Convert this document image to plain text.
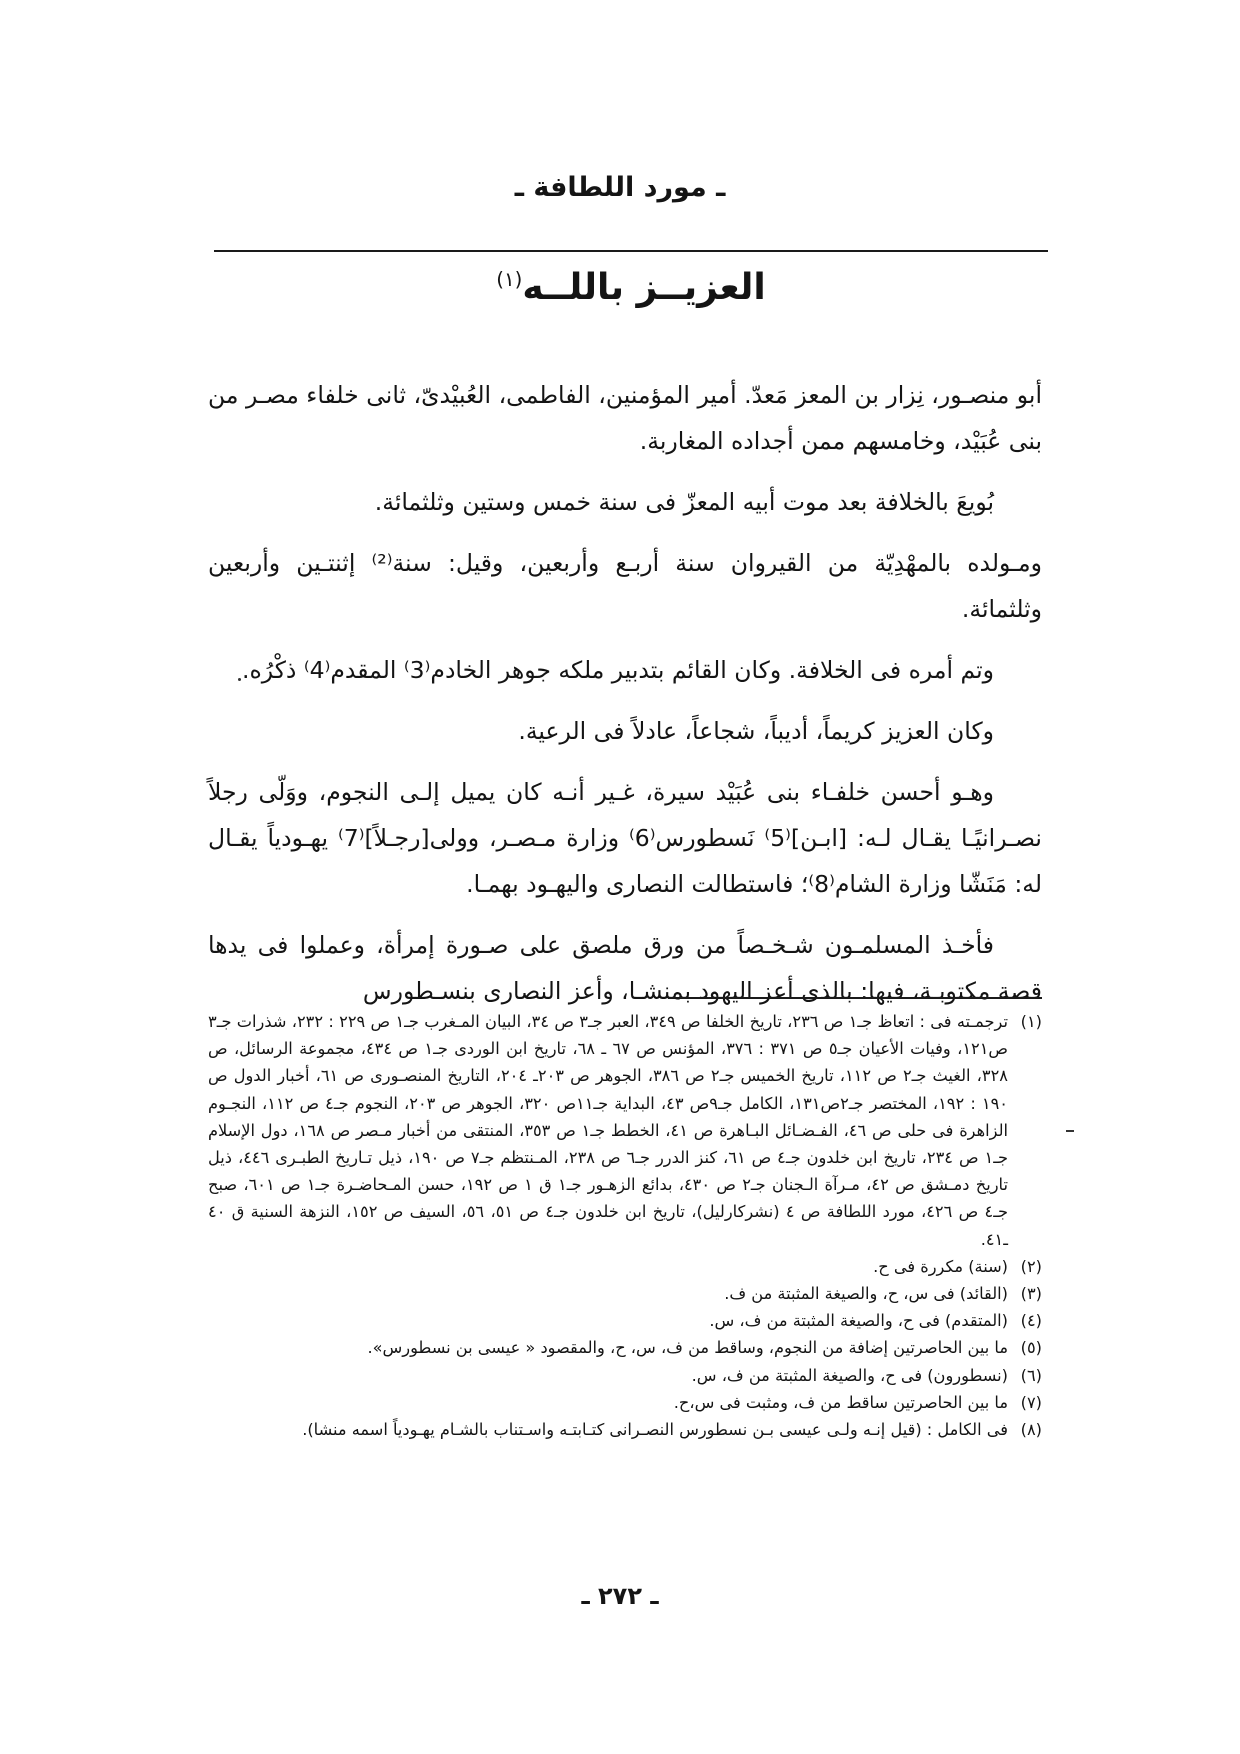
ـ مورد اللطافة ـ
العزيــز باللــه$^{(١)}$

أبو منصـور، نِزار بن المعز مَعدّ. أمير المؤمنين، الفاطمى، العُبيْدىّ، ثانى خلفاء مصـر من بنى عُبَيْد، وخامسهم ممن أجداده المغاربة.

بُويعَ بالخلافة بعد موت أبيه المعزّ فى سنة خمس وستين وثلثمائة.

ومـولده بالمهْدِيّة من القيروان سنة أربـع وأربعين، وقيل: سنة⁽²⁾ إثنتـين وأربعين وثلثمائة.

وتم أمره فى الخلافة. وكان القائم بتدبير ملكه جوهر الخادم⁽3⁾ المقدم⁽4⁾ ذكْرُه.

وكان العزيز كريماً، أديباً، شجاعاً، عادلاً فى الرعية.

وهـو أحسن خلفـاء بنى عُبَيْد سيرة، غـير أنـه كان يميل إلـى النجوم، ووَلّى رجلاً نصـرانيًـا يقـال لـه: [ابـن]⁽5⁾ نَسطورس⁽6⁾ وزارة مـصـر، وولى[رجـلاً]⁽7⁾ يهـودياً يقـال له: مَنَشّا وزارة الشام⁽8⁾؛ فاستطالت النصارى واليهـود بهمـا.

فأخـذ المسلمـون شـخـصاً من ورق ملصق على صـورة إمرأة، وعملوا فى يدها قصة مكتوبـة، فيها: بالذى أعز اليهود بمنشـا، وأعز النصارى بنسـطورس

(١)
ترجمـته فى : اتعاظ جـ١ ص ٢٣٦، تاريخ الخلفا ص ٣٤٩، العبر جـ٣ ص ٣٤، البيان المـغرب جـ١ ص ٢٢٩ : ٢٣٢، شذرات جـ٣ ص١٢١، وفيات الأعيان جـ٥ ص ٣٧١ : ٣٧٦، المؤنس ص ٦٧ ـ ٦٨، تاريخ ابن الوردى جـ١ ص ٤٣٤، مجموعة الرسائل، ص ٣٢٨، الغيث جـ٢ ص ١١٢، تاريخ الخميس جـ٢ ص ٣٨٦، الجوهر ص ٢٠٣ـ ٢٠٤، التاريخ المنصـورى ص ٦١، أخبار الدول ص ١٩٠ : ١٩٢، المختصر جـ٢ص١٣١، الكامل جـ٩ص ٤٣، البداية جـ١١ص ٣٢٠، الجوهر ص ٢٠٣، النجوم جـ٤ ص ١١٢، النجـوم الزاهرة فى حلى ص ٤٦، الفـضـائل البـاهرة ص ٤١، الخطط جـ١ ص ٣٥٣، المنتقى من أخبار مـصر ص ١٦٨، دول الإسلام جـ١ ص ٢٣٤، تاريخ ابن خلدون جـ٤ ص ٦١، كنز الدرر جـ٦ ص ٢٣٨، المـنتظم جـ٧ ص ١٩٠، ذيل تـاريخ الطبـرى ٤٤٦، ذيل تاريخ دمـشق ص ٤٢، مـرآة الـجنان جـ٢ ص ٤٣٠، بدائع الزهـور جـ١ ق ١ ص ١٩٢، حسن المـحاضـرة جـ١ ص ٦٠١، صبح جـ٤ ص ٤٢٦، مورد اللطافة ص ٤ (نشركارليل)، تاريخ ابن خلدون جـ٤ ص ٥١، ٥٦، السيف ص ١٥٢، النزهة السنية ق ٤٠ ـ٤١.

(٢)
(سنة) مكررة فى ح.

(٣)
(القائد) فى س، ح، والصيغة المثبتة من ف.

(٤)
(المتقدم) فى ح، والصيغة المثبتة من ف، س.

(٥)
ما بين الحاصرتين إضافة من النجوم، وساقط من ف، س، ح، والمقصود « عيسى بن نسطورس».

(٦)
(نسطورون) فى ح، والصيغة المثبتة من ف، س.

(٧)
ما بين الحاصرتين ساقط من ف، ومثبت فى س،ح.

(٨)
فى الكامل : (قيل إنـه ولـى عيسى بـن نسطورس النصـرانى كتـابتـه واسـتناب بالشـام يهـودياً اسمه منشا).

ـ ٢٧٢ ـ
